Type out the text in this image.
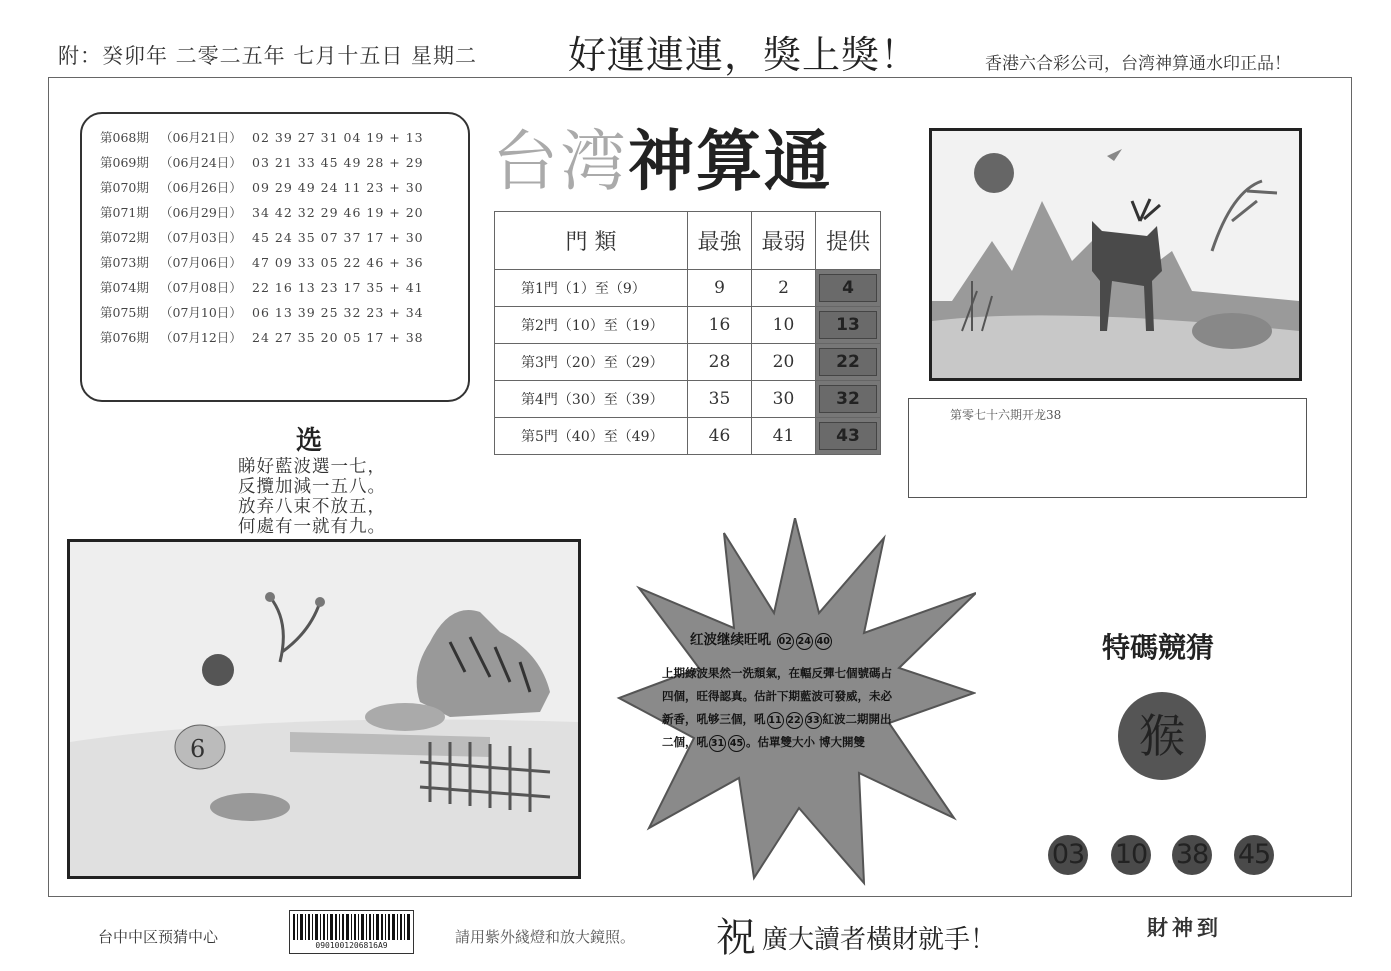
附：癸卯年 二零二五年 七月十五日 星期二 好運連連，獎上獎！	香港六合彩公司，台湾神算通水印正品！
第068期 （06月21日） 02 39 27 31 04 19 + 13
第069期 （06月24日） 03 21 33 45 49 28 + 29
第070期 （06月26日） 09 29 49 24 11 23 + 30
第071期 （06月29日） 34 42 32 29 46 19 + 20
第072期 （07月03日） 45 24 35 07 37 17 + 30
第073期 （07月06日） 47 09 33 05 22 46 + 36
第074期 （07月08日） 22 16 13 23 17 35 + 41
第075期 （07月10日） 06 13 39 25 32 23 + 34
第076期 （07月12日） 24 27 35 20 05 17 + 38
台湾神算通
門 類	最強	最弱	提供
第1門（1）至（9）	9	2	4
第2門（10）至（19）	16	10	13
第3門（20）至（29）	28	20	22
第4門（30）至（39）	35	30	32
第5門（40）至（49）	46	41	43
第零七十六期开龙38
选
睇好藍波選一七，
反攬加減一五八。
放弃八束不放五，
何處有一就有九。
6
红波继续旺吼 02 24 40
上期綠波果然一洗頹氣，在輻反彈七個號碼占
四個，旺得認真。估計下期藍波可發威，未必
新香，吼够三個，吼 11 22 33 紅波二期開出
二個，吼 31 45 。估單雙大小 博大開雙
特碼競猜
猴
03 10 38 45
台中中区预猜中心	0901001206816A9	請用紫外綫燈和放大鏡照。 祝 廣大讀者橫財就手！	財神到
